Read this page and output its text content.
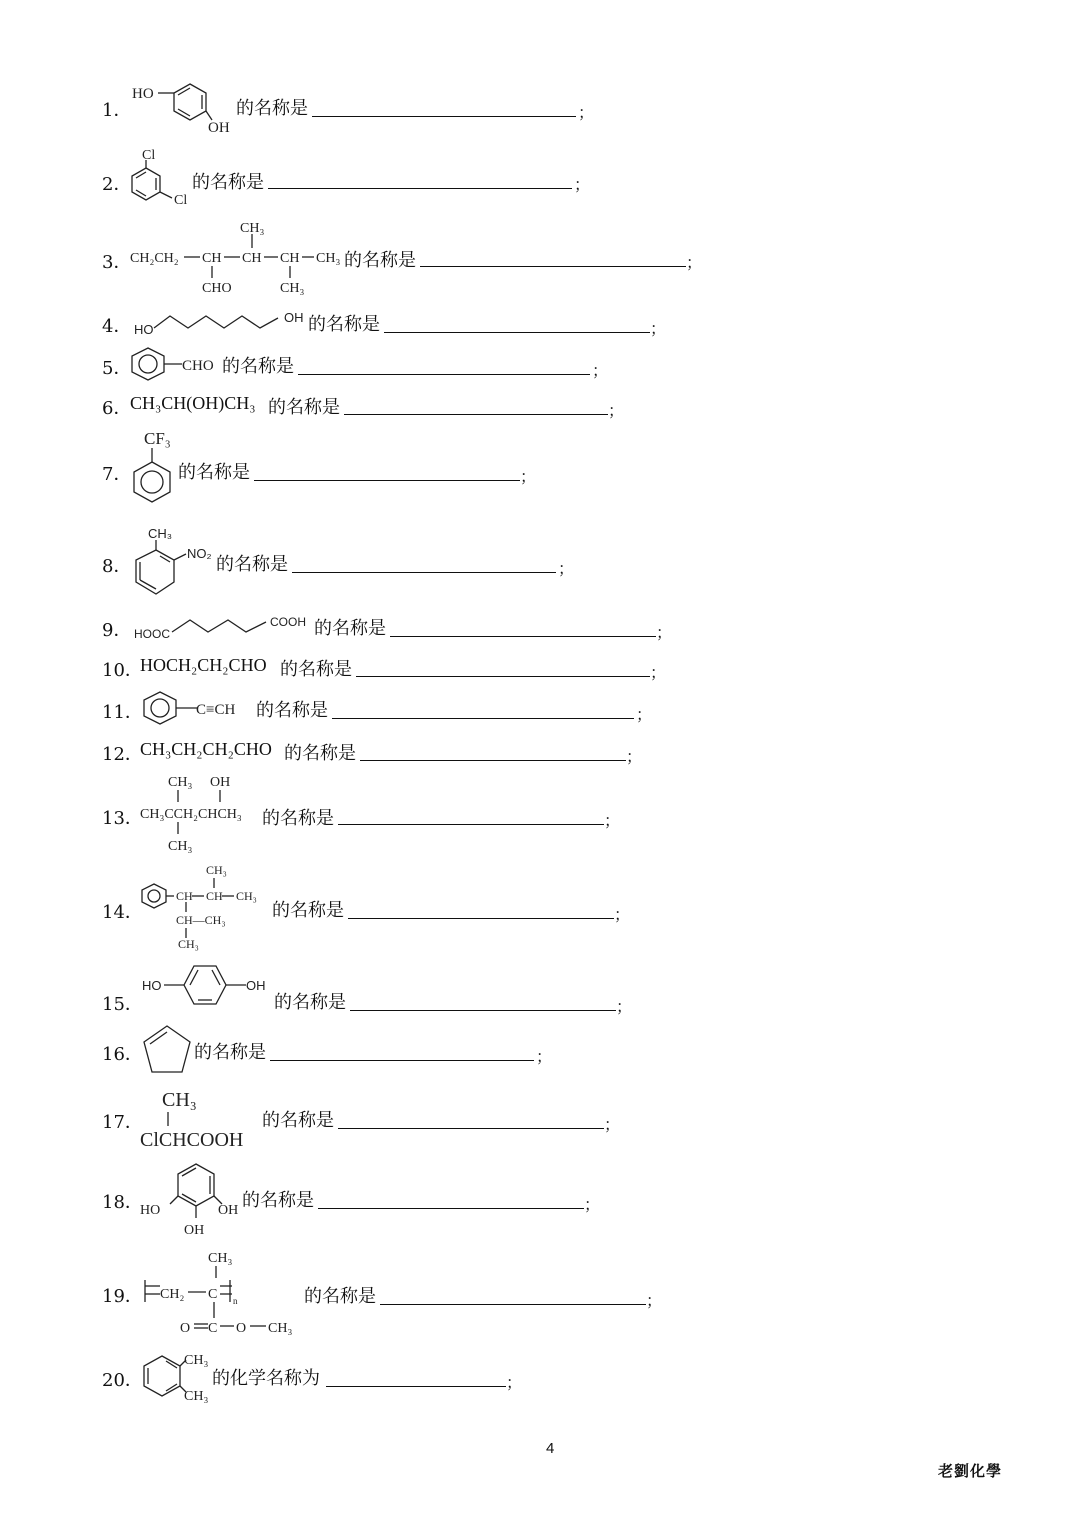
1．
HO
OH
的名称是	；
2．
Cl
Cl
的名称是	；
3．
CH₂CH₂ CH
CHO
CH
CH₃
CH
CH₃
CH₃ 的名称是	；
4． HO
OH 的名称是	；
5．	CHO 的名称是	；
6．
CH₃CH(OH)CH₃ 的名称是	；
7．
CF₃
的名称是	；
8．
CH₃
NO₂
的名称是	；
9． HOOC
COOH 的名称是	；
10．
HOCH₂CH₂CHO 的名称是	；
11．	C≡CH 的名称是	；
12．
CH₃CH₂CH₂CHO 的名称是	；
13．
CH₃ OH
CH₃CCH₂CHCH₃
CH₃
的名称是	；
14．
CH CH
CH₃
CH₃
CH—CH₃
CH₃
的名称是	；
15．
HO	OH
的名称是	；
16．	的名称是	；
17．
CH₃
ClCHCOOH
的名称是	；
18．
HO	OH
OH
的名称是	；
19．
CH₃
CH₂ C n
O C O CH₃
的名称是	；
20．
CH₃
CH₃
的化学名称为	；
4
老劉化學
